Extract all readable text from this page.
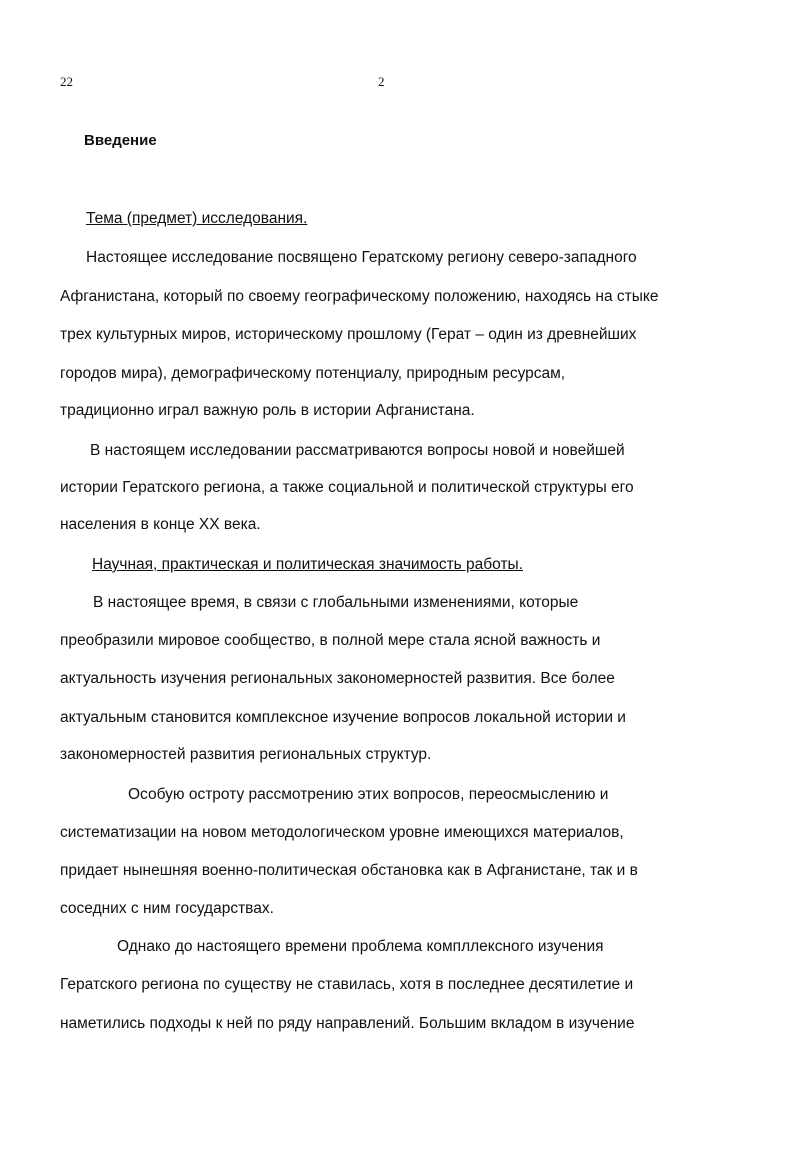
22	2
Введение
Тема (предмет) исследования.
Настоящее исследование посвящено Гератскому региону северо-западного
Афганистана, который по своему географическому положению, находясь на стыке
трех культурных миров, историческому прошлому (Герат – один из древнейших
городов мира), демографическому потенциалу, природным ресурсам,
традиционно играл важную роль в истории Афганистана.
В настоящем исследовании рассматриваются вопросы новой и новейшей
истории Гератского региона, а также социальной и политической структуры его
населения в конце XX века.
Научная, практическая и политическая значимость работы.
В настоящее время, в связи с глобальными изменениями, которые
преобразили мировое сообщество, в полной мере стала ясной важность и
актуальность изучения региональных закономерностей развития. Все более
актуальным становится комплексное изучение вопросов локальной истории и
закономерностей развития региональных структур.
Особую остроту рассмотрению этих вопросов, переосмыслению и
систематизации на новом методологическом уровне имеющихся материалов,
придает нынешняя военно-политическая обстановка как в Афганистане, так и в
соседних с ним государствах.
Однако до настоящего времени проблема компллексного изучения
Гератского региона по существу не ставилась, хотя в последнее десятилетие и
наметились подходы к ней по ряду направлений. Большим вкладом в изучение
